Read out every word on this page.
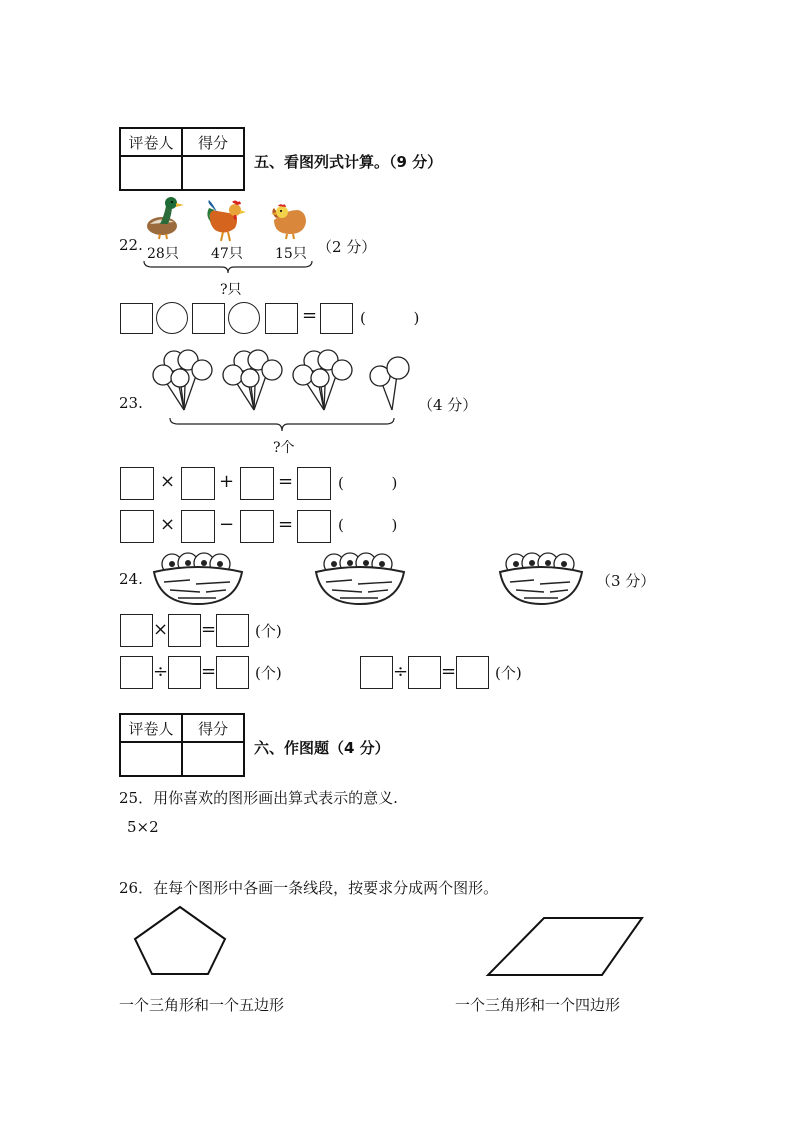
评卷人	得分

五、看图列式计算。（9 分）
22. 28只 47只 15只 （2 分）
?只
=	(          )
23.	（4 分）
?个
× + =	(          )
× − =	(          )
24.	（3 分）
× =	(个)
÷ =	(个)	÷ =	(个)
评卷人	得分

六、作图题（4 分）
25．用你喜欢的图形画出算式表示的意义.
5×2
26．在每个图形中各画一条线段，按要求分成两个图形。
一个三角形和一个五边形	一个三角形和一个四边形
